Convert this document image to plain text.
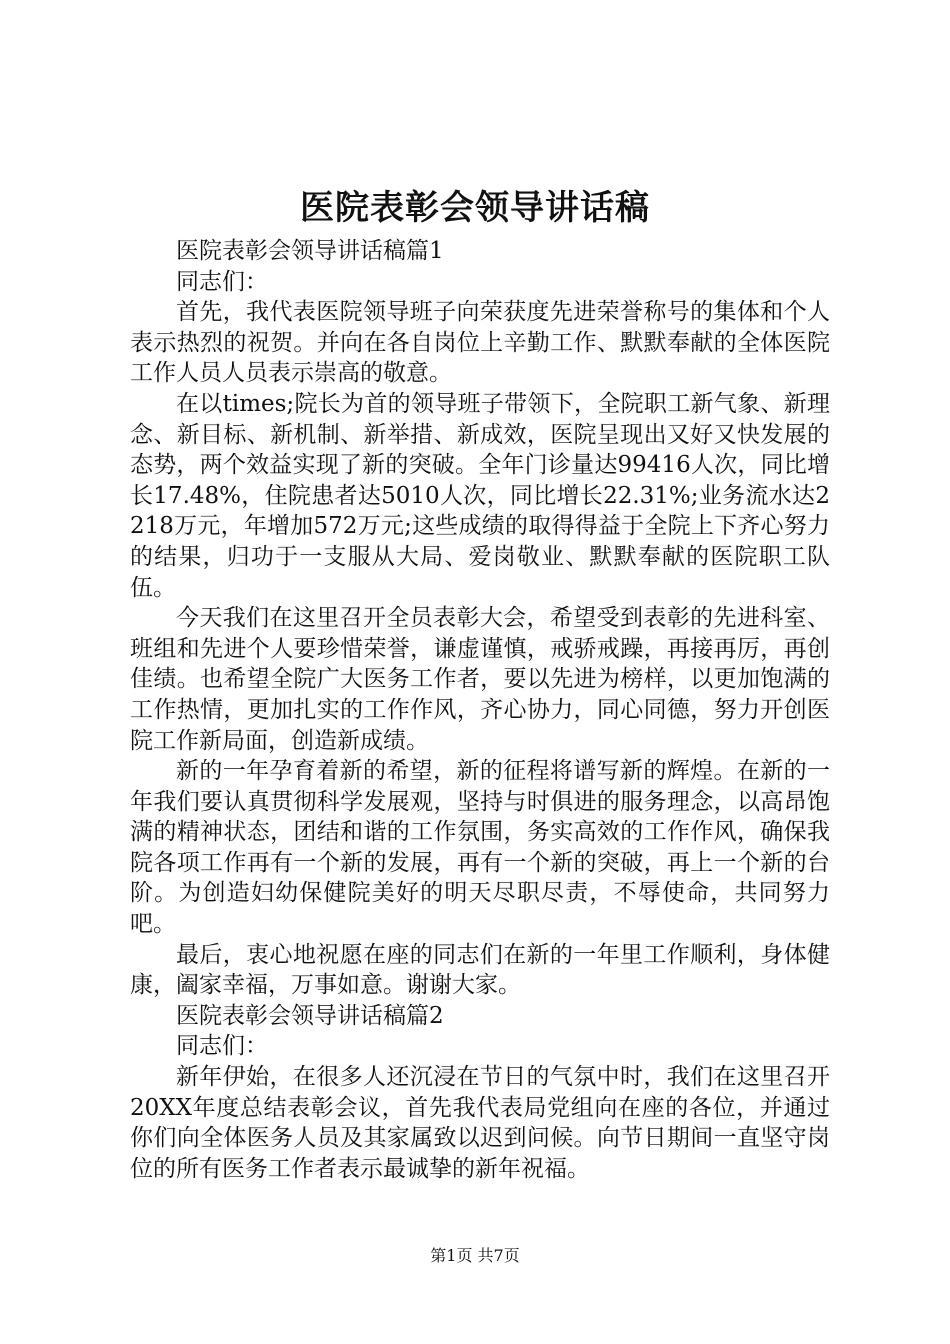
医院表彰会领导讲话稿

医院表彰会领导讲话稿篇1

同志们：

首先，我代表医院领导班子向荣获度先进荣誉称号的集体和个人表示热烈的祝贺。并向在各自岗位上辛勤工作、默默奉献的全体医院工作人员人员表示崇高的敬意。

在以times;院长为首的领导班子带领下，全院职工新气象、新理念、新目标、新机制、新举措、新成效，医院呈现出又好又快发展的态势，两个效益实现了新的突破。全年门诊量达99416人次，同比增长17.48%，住院患者达5010人次，同比增长22.31%;业务流水达2218万元，年增加572万元;这些成绩的取得得益于全院上下齐心努力的结果，归功于一支服从大局、爱岗敬业、默默奉献的医院职工队伍。

今天我们在这里召开全员表彰大会，希望受到表彰的先进科室、班组和先进个人要珍惜荣誉，谦虚谨慎，戒骄戒躁，再接再厉，再创佳绩。也希望全院广大医务工作者，要以先进为榜样，以更加饱满的工作热情，更加扎实的工作作风，齐心协力，同心同德，努力开创医院工作新局面，创造新成绩。

新的一年孕育着新的希望，新的征程将谱写新的辉煌。在新的一年我们要认真贯彻科学发展观，坚持与时俱进的服务理念，以高昂饱满的精神状态，团结和谐的工作氛围，务实高效的工作作风，确保我院各项工作再有一个新的发展，再有一个新的突破，再上一个新的台阶。为创造妇幼保健院美好的明天尽职尽责，不辱使命，共同努力吧。

最后，衷心地祝愿在座的同志们在新的一年里工作顺利，身体健康，阖家幸福，万事如意。谢谢大家。

医院表彰会领导讲话稿篇2

同志们：

新年伊始，在很多人还沉浸在节日的气氛中时，我们在这里召开20XX年度总结表彰会议，首先我代表局党组向在座的各位，并通过你们向全体医务人员及其家属致以迟到问候。向节日期间一直坚守岗位的所有医务工作者表示最诚挚的新年祝福。

第1页 共7页
